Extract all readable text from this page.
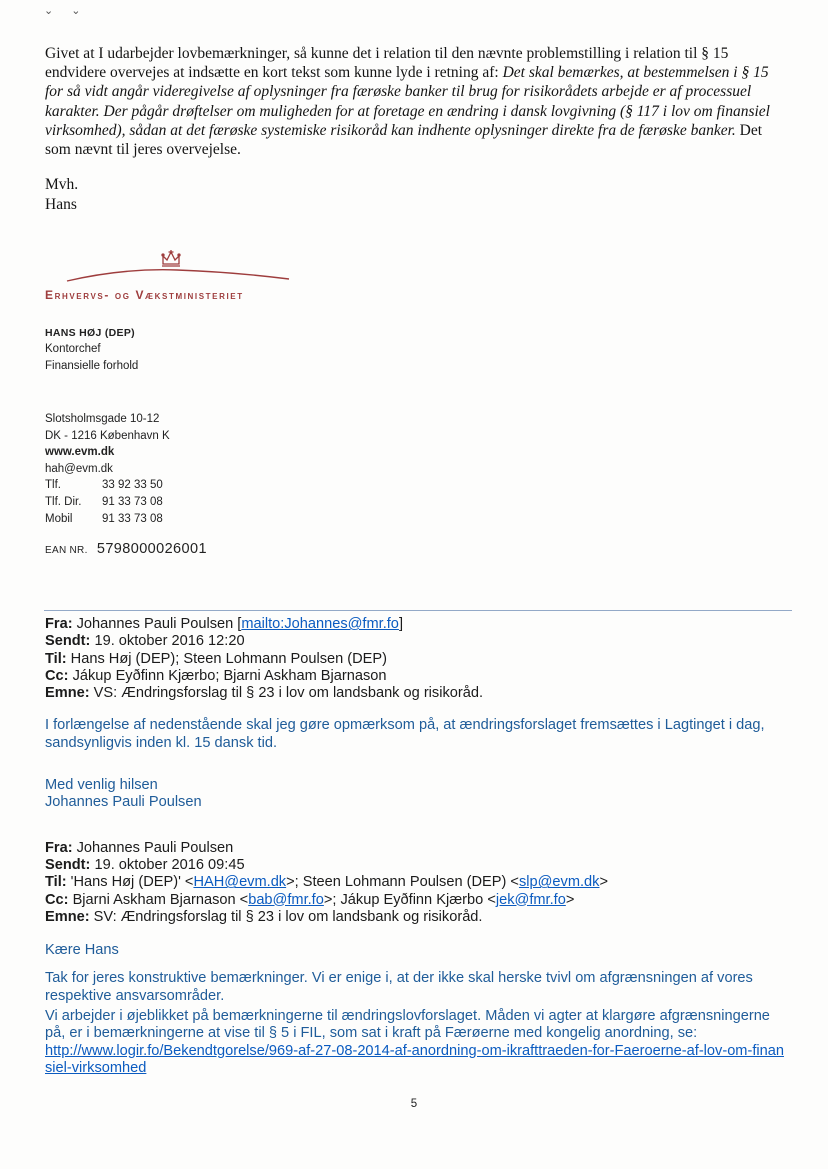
⌄⌄

Givet at I udarbejder lovbemærkninger, så kunne det i relation til den nævnte problemstilling i relation til § 15 endvidere overvejes at indsætte en kort tekst som kunne lyde i retning af: Det skal bemærkes, at bestemmelsen i § 15 for så vidt angår videregivelse af oplysninger fra færøske banker til brug for risikorådets arbejde er af processuel karakter. Der pågår drøftelser om muligheden for at foretage en ændring i dansk lovgivning (§ 117 i lov om finansiel virksomhed), sådan at det færøske systemiske risikoråd kan indhente oplysninger direkte fra de færøske banker. Det som nævnt til jeres overvejelse.

Mvh.
Hans

Erhvervs- og Vækstministeriet
HANS HØJ (DEP)
Kontorchef
Finansielle forhold
Slotsholmsgade 10-12
DK - 1216 København K
www.evm.dk
hah@evm.dk
Tlf.	33 92 33 50
Tlf. Dir.	91 33 73 08
Mobil	91 33 73 08
EAN NR. 5798000026001
Fra: Johannes Pauli Poulsen [mailto:Johannes@fmr.fo]
Sendt: 19. oktober 2016 12:20
Til: Hans Høj (DEP); Steen Lohmann Poulsen (DEP)
Cc: Jákup Eyðfinn Kjærbo; Bjarni Askham Bjarnason
Emne: VS: Ændringsforslag til § 23 i lov om landsbank og risikoråd.
I forlængelse af nedenstående skal jeg gøre opmærksom på, at ændringsforslaget fremsættes i Lagtinget i dag, sandsynligvis inden kl. 15 dansk tid.
Med venlig hilsen
Johannes Pauli Poulsen
Fra: Johannes Pauli Poulsen
Sendt: 19. oktober 2016 09:45
Til: 'Hans Høj (DEP)' <HAH@evm.dk>; Steen Lohmann Poulsen (DEP) <slp@evm.dk>
Cc: Bjarni Askham Bjarnason <bab@fmr.fo>; Jákup Eyðfinn Kjærbo <jek@fmr.fo>
Emne: SV: Ændringsforslag til § 23 i lov om landsbank og risikoråd.
Kære Hans
Tak for jeres konstruktive bemærkninger. Vi er enige i, at der ikke skal herske tvivl om afgrænsningen af vores respektive ansvarsområder.
Vi arbejder i øjeblikket på bemærkningerne til ændringslovforslaget. Måden vi agter at klargøre afgrænsningerne på, er i bemærkningerne at vise til § 5 i FIL, som sat i kraft på Færøerne med kongelig anordning, se:
http://www.logir.fo/Bekendtgorelse/969-af-27-08-2014-af-anordning-om-ikrafttraeden-for-Faeroerne-af-lov-om-finansiel-virksomhed
5
